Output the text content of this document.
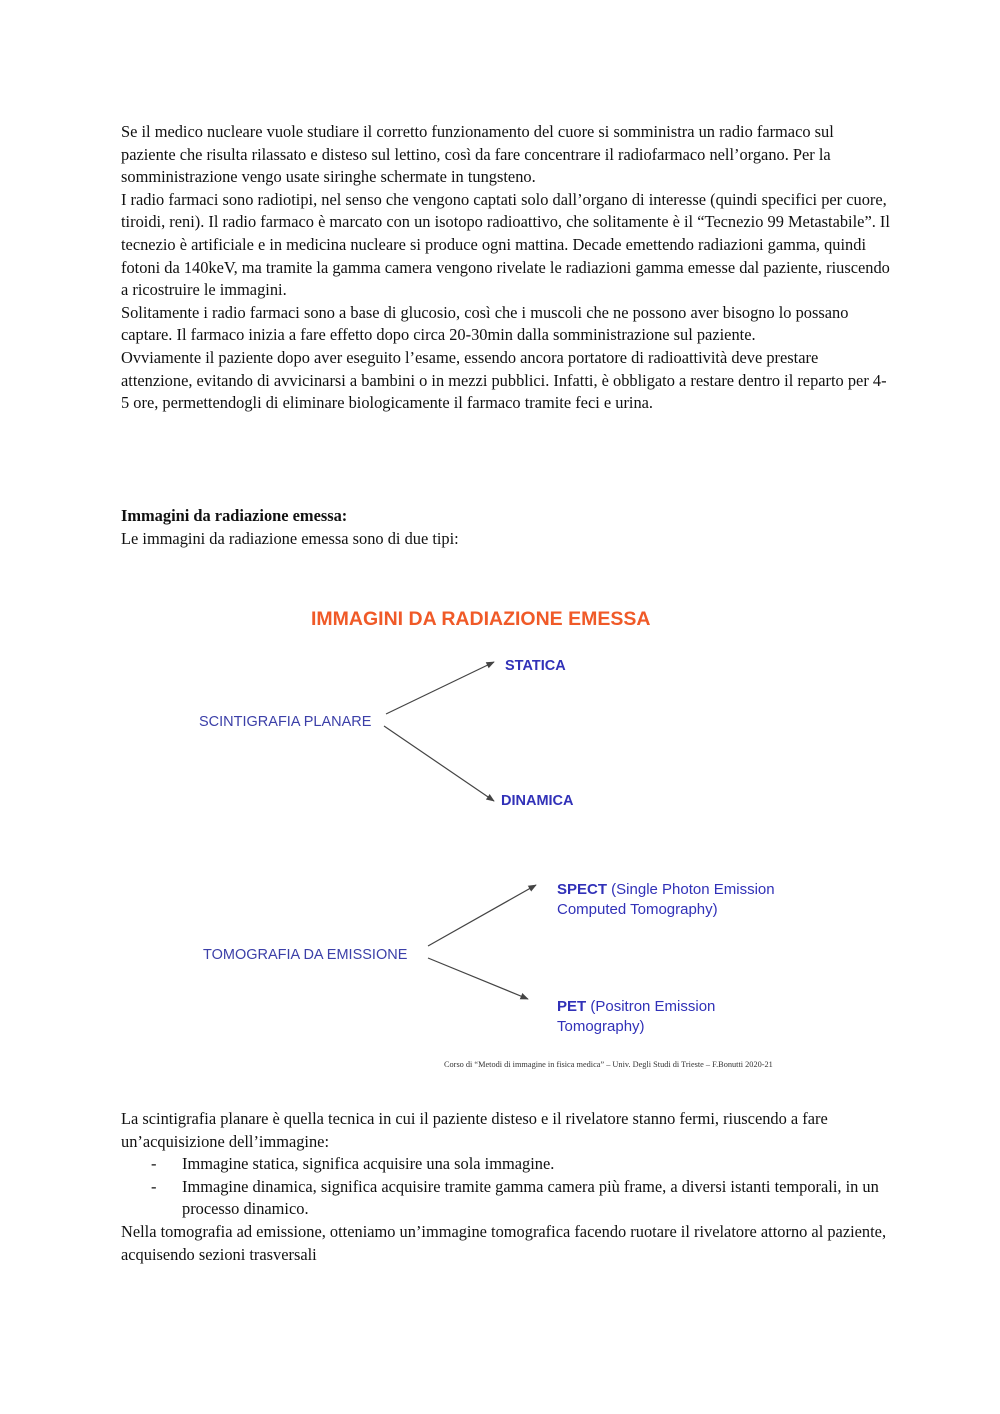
Se il medico nucleare vuole studiare il corretto funzionamento del cuore si somministra un radio farmaco sul paziente che risulta rilassato e disteso sul lettino, così da fare concentrare il radiofarmaco nell’organo. Per la somministrazione vengo usate siringhe schermate in tungsteno.

I radio farmaci sono radiotipi, nel senso che vengono captati solo dall’organo di interesse (quindi specifici per cuore, tiroidi, reni). Il radio farmaco è marcato con un isotopo radioattivo, che solitamente è il “Tecnezio 99 Metastabile”. Il tecnezio è artificiale e in medicina nucleare si produce ogni mattina. Decade emettendo radiazioni gamma, quindi fotoni da 140keV, ma tramite la gamma camera vengono rivelate le radiazioni gamma emesse dal paziente, riuscendo a ricostruire le immagini.

Solitamente i radio farmaci sono a base di glucosio, così che i muscoli che ne possono aver bisogno lo possano captare. Il farmaco inizia a fare effetto dopo circa 20-30min dalla somministrazione sul paziente.

Ovviamente il paziente dopo aver eseguito l’esame, essendo ancora portatore di radioattività deve prestare attenzione, evitando di avvicinarsi a bambini o in mezzi pubblici. Infatti, è obbligato a restare dentro il reparto per 4-5 ore, permettendogli di eliminare biologicamente il farmaco tramite feci e urina.

Immagini da radiazione emessa:

Le immagini da radiazione emessa sono di due tipi:

IMMAGINI DA RADIAZIONE EMESSA
SCINTIGRAFIA PLANARE
STATICA
DINAMICA
TOMOGRAFIA DA EMISSIONE
SPECT (Single Photon Emission
Computed Tomography)
PET (Positron Emission
Tomography)
Corso di “Metodi di immagine in fisica medica” – Univ. Degli Studi di Trieste – F.Bonutti 2020-21

La scintigrafia planare è quella tecnica in cui il paziente disteso e il rivelatore stanno fermi, riuscendo a fare un’acquisizione dell’immagine:

- Immagine statica, significa acquisire una sola immagine.
- Immagine dinamica, significa acquisire tramite gamma camera più frame, a diversi istanti temporali, in un processo dinamico.

Nella tomografia ad emissione, otteniamo un’immagine tomografica facendo ruotare il rivelatore attorno al paziente, acquisendo sezioni trasversali
